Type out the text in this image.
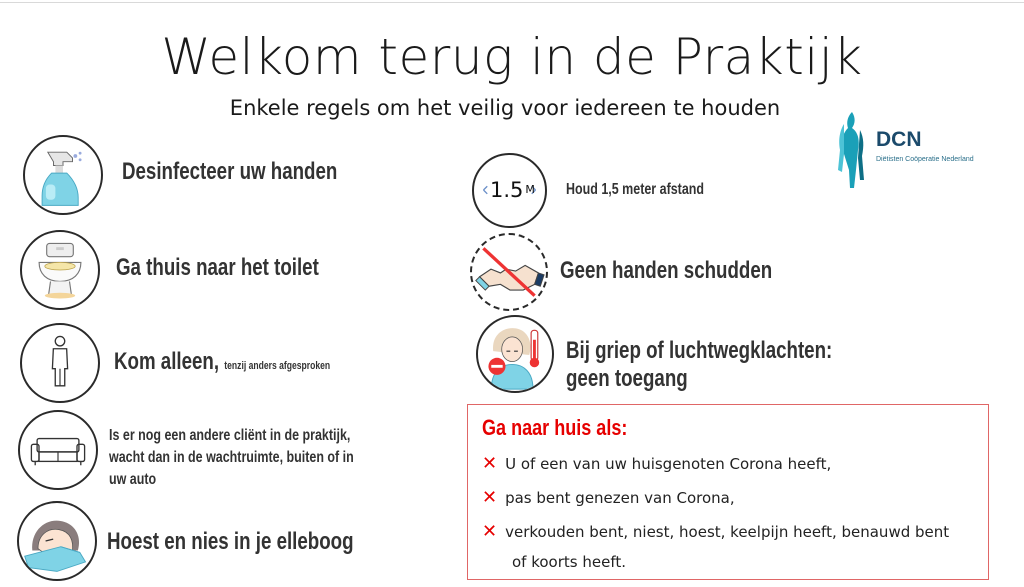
Welkom terug in de Praktijk
Enkele regels om het veilig voor iedereen te houden
DCN
Diëtisten Coöperatie Nederland
Desinfecteer uw handen
Ga thuis naar het toilet
Kom alleen, tenzij anders afgesproken
Is er nog een andere cliënt in de praktijk,
wacht dan in de wachtruimte, buiten of in
uw auto
Hoest en nies in je elleboog
1.5 M Houd 1,5 meter afstand
Geen handen schudden
Bij griep of luchtwegklachten:
geen toegang
Ga naar huis als:
✕ U of een van uw huisgenoten Corona heeft,
✕ pas bent genezen van Corona,
✕ verkouden bent, niest, hoest, keelpijn heeft, benauwd bent
of koorts heeft.
